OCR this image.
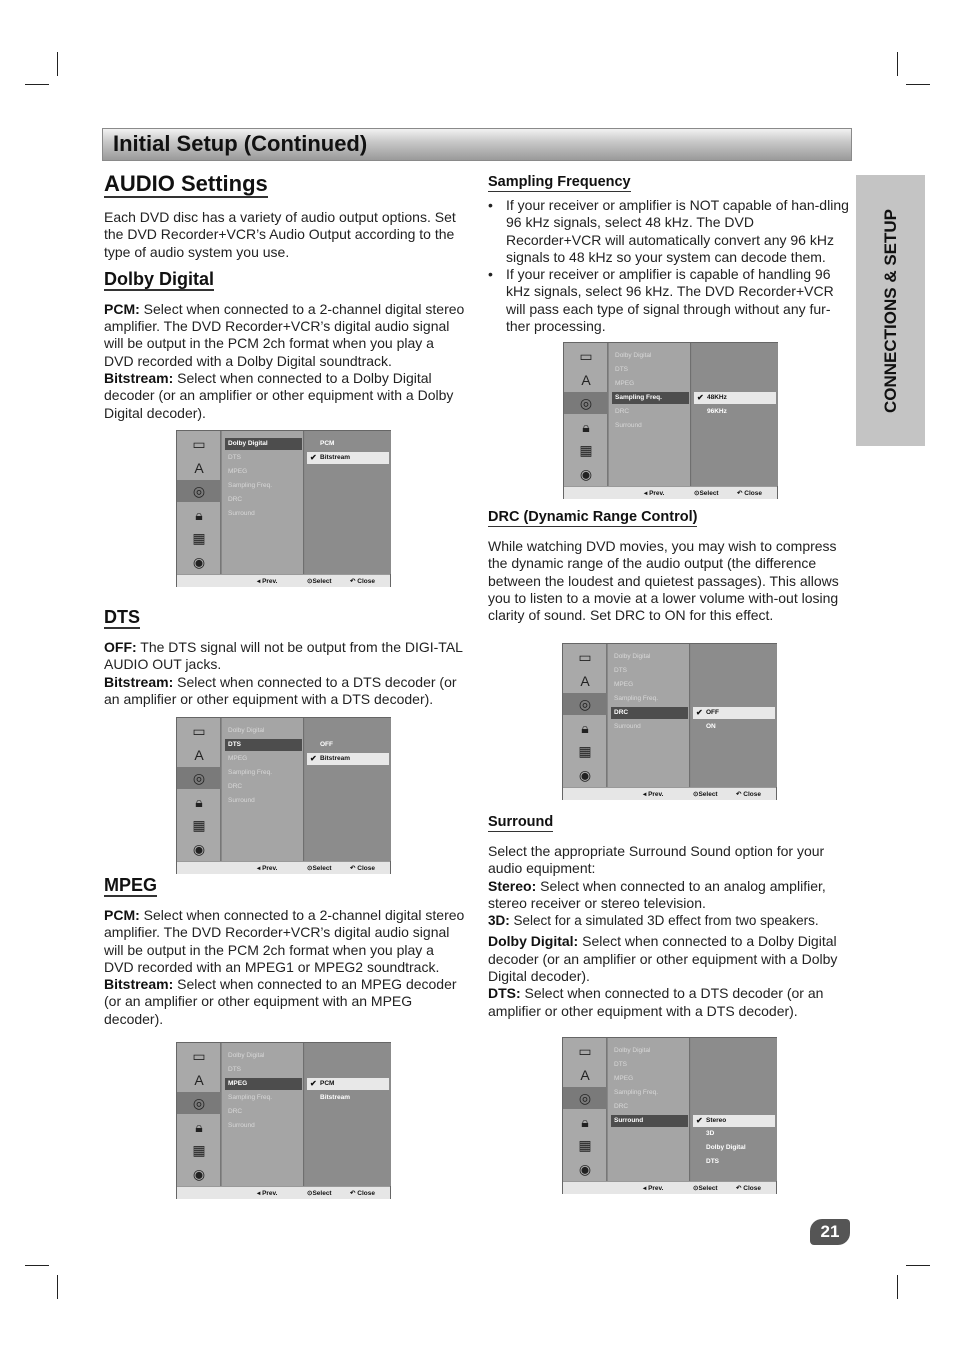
Initial Setup (Continued)
CONNECTIONS & SETUP
AUDIO Settings
Each DVD disc has a variety of audio output options. Set the DVD Recorder+VCR’s Audio Output according to the type of audio system you use.
Dolby Digital
PCM: Select when connected to a 2-channel digital stereo amplifier. The DVD Recorder+VCR’s digital audio signal will be output in the PCM 2ch format when you play a DVD recorded with a Dolby Digital soundtrack.
Bitstream: Select when connected to a Dolby Digital decoder (or an amplifier or other equipment with a Dolby Digital decoder).
DTS
OFF: The DTS signal will not be output from the DIGI-TAL AUDIO OUT jacks.
Bitstream: Select when connected to a DTS decoder (or an amplifier or other equipment with a DTS decoder).
MPEG
PCM: Select when connected to a 2-channel digital stereo amplifier. The DVD Recorder+VCR’s digital audio signal will be output in the PCM 2ch format when you play a DVD recorded with an MPEG1 or MPEG2 soundtrack.
Bitstream: Select when connected to an MPEG decoder (or an amplifier or other equipment with an MPEG decoder).
Sampling Frequency
• If your receiver or amplifier is NOT capable of han-dling 96 kHz signals, select 48 kHz. The DVD Recorder+VCR will automatically convert any 96 kHz signals to 48 kHz so your system can decode them.
• If your receiver or amplifier is capable of handling 96 kHz signals, select 96 kHz. The DVD Recorder+VCR will pass each type of signal through without any fur-ther processing.
DRC (Dynamic Range Control)
While watching DVD movies, you may wish to compress the dynamic range of the audio output (the difference between the loudest and quietest passages). This allows you to listen to a movie at a lower volume with-out losing clarity of sound. Set DRC to ON for this effect.
Surround
Select the appropriate Surround Sound option for your audio equipment:
Stereo: Select when connected to an analog amplifier, stereo receiver or stereo television.
3D: Select for a simulated 3D effect from two speakers.
Dolby Digital: Select when connected to a Dolby Digital decoder (or an amplifier or other equipment with a Dolby Digital decoder).
DTS: Select when connected to a DTS decoder (or an amplifier or other equipment with a DTS decoder).
▭
A
◎
🔒︎
▦
◉
Dolby Digital
DTS
MPEG
Sampling Freq.
DRC
Surround
PCM
✔ Bitstream
◂ Prev.	⊙Select	↶ Close
▭
A
◎
🔒︎
▦
◉
Dolby Digital
DTS
MPEG
Sampling Freq.
DRC
Surround
OFF
✔ Bitstream
◂ Prev.	⊙Select	↶ Close
▭
A
◎
🔒︎
▦
◉
Dolby Digital
DTS
MPEG
Sampling Freq.
DRC
Surround
✔ PCM
Bitstream
◂ Prev.	⊙Select	↶ Close
▭
A
◎
🔒︎
▦
◉
Dolby Digital
DTS
MPEG
Sampling Freq.
DRC
Surround
✔ 48KHz
96KHz
◂ Prev.	⊙Select	↶ Close
▭
A
◎
🔒︎
▦
◉
Dolby Digital
DTS
MPEG
Sampling Freq.
DRC
Surround
✔ OFF
ON
◂ Prev.	⊙Select	↶ Close
▭
A
◎
🔒︎
▦
◉
Dolby Digital
DTS
MPEG
Sampling Freq.
DRC
Surround	✔ Stereo
3D
Dolby Digital
DTS
◂ Prev.	⊙Select	↶ Close
21
